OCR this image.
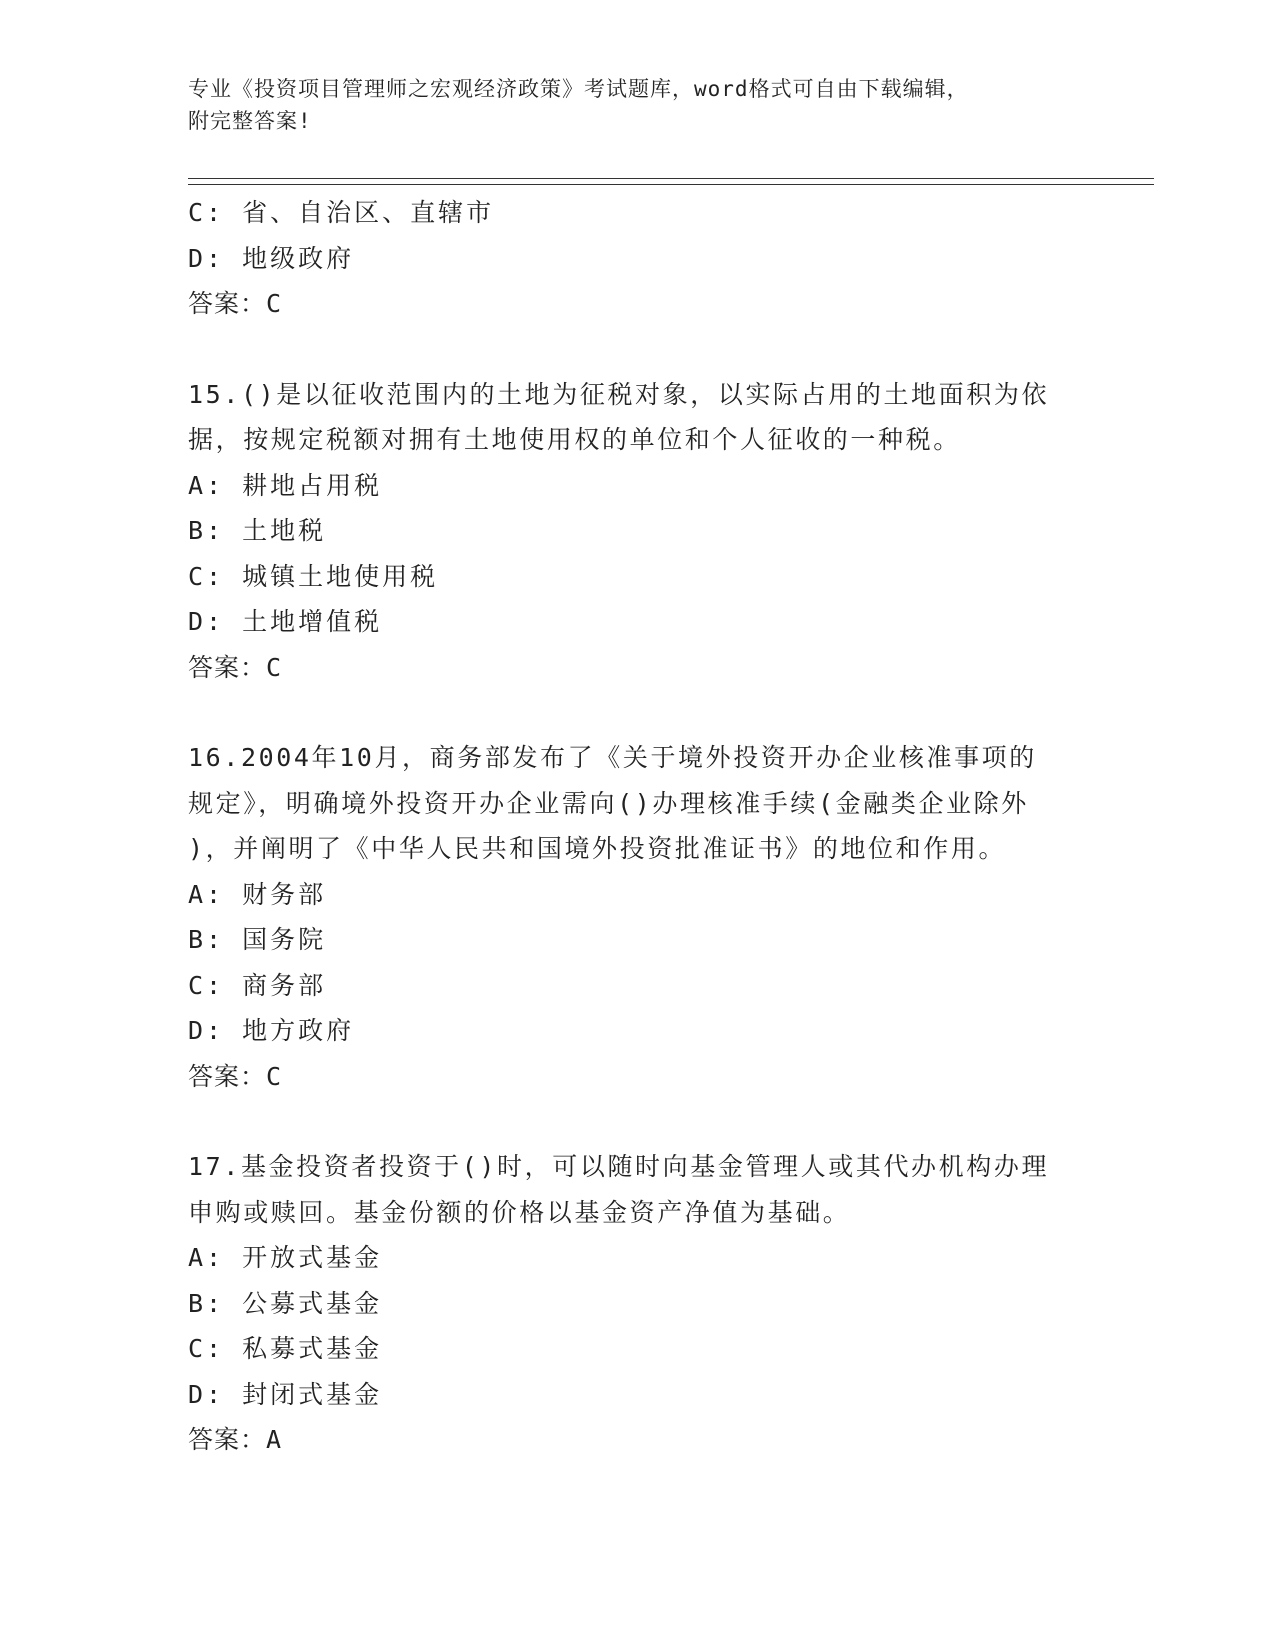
专业《投资项目管理师之宏观经济政策》考试题库，word格式可自由下载编辑，
附完整答案!
C: 省、自治区、直辖市
D: 地级政府
答案：C
15.()是以征收范围内的土地为征税对象，以实际占用的土地面积为依
据，按规定税额对拥有土地使用权的单位和个人征收的一种税。
A: 耕地占用税
B: 土地税
C: 城镇土地使用税
D: 土地增值税
答案：C
16.2004年10月，商务部发布了《关于境外投资开办企业核准事项的
规定》，明确境外投资开办企业需向()办理核准手续(金融类企业除外
)，并阐明了《中华人民共和国境外投资批准证书》的地位和作用。
A: 财务部
B: 国务院
C: 商务部
D: 地方政府
答案：C
17.基金投资者投资于()时，可以随时向基金管理人或其代办机构办理
申购或赎回。基金份额的价格以基金资产净值为基础。
A: 开放式基金
B: 公募式基金
C: 私募式基金
D: 封闭式基金
答案：A
